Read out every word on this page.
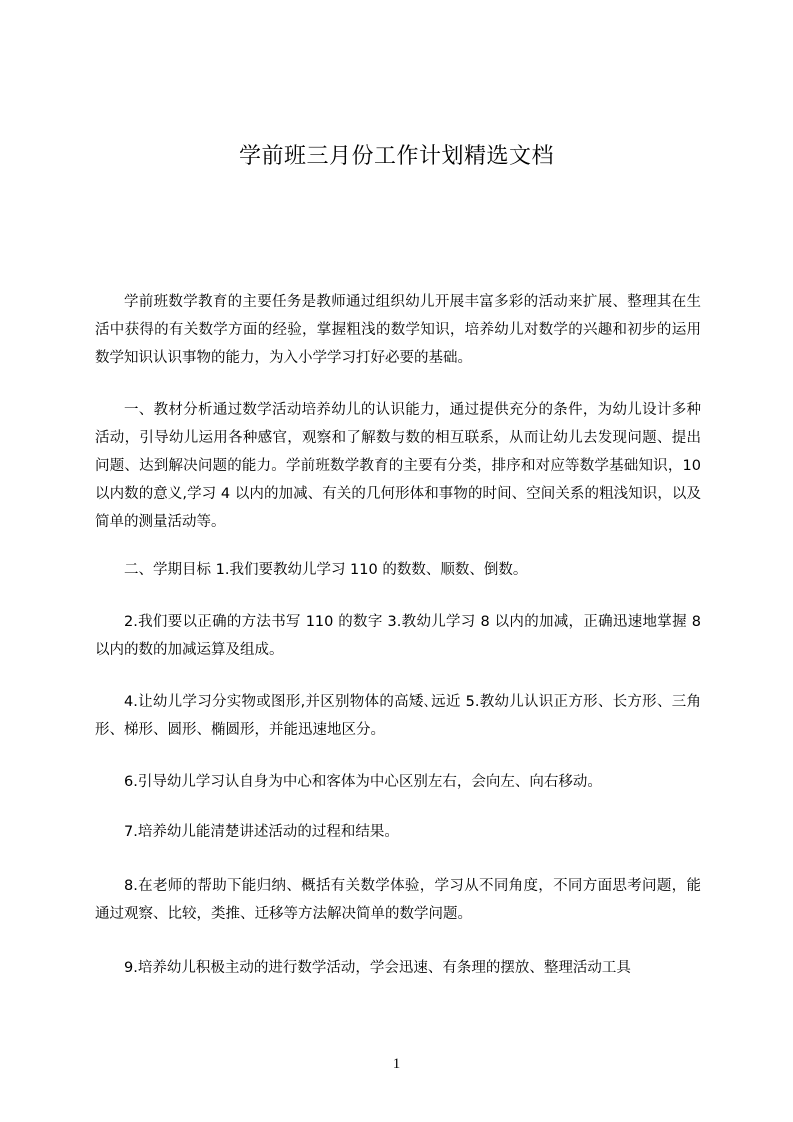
学前班三月份工作计划精选文档

学前班数学教育的主要任务是教师通过组织幼儿开展丰富多彩的活动来扩展、整理其在生活中获得的有关数学方面的经验，掌握粗浅的数学知识，培养幼儿对数学的兴趣和初步的运用数学知识认识事物的能力，为入小学学习打好必要的基础。

一、教材分析通过数学活动培养幼儿的认识能力，通过提供充分的条件，为幼儿设计多种活动，引导幼儿运用各种感官，观察和了解数与数的相互联系，从而让幼儿去发现问题、提出问题、达到解决问题的能力。学前班数学教育的主要有分类，排序和对应等数学基础知识，10 以内数的意义,学习 4 以内的加减、有关的几何形体和事物的时间、空间关系的粗浅知识，以及简单的测量活动等。

二、学期目标 1.我们要教幼儿学习 110 的数数、顺数、倒数。

2.我们要以正确的方法书写 110 的数字 3.教幼儿学习 8 以内的加减，正确迅速地掌握 8 以内的数的加减运算及组成。

4.让幼儿学习分实物或图形,并区别物体的高矮､远近 5.教幼儿认识正方形、长方形、三角形、梯形、圆形、椭圆形，并能迅速地区分。

6.引导幼儿学习认自身为中心和客体为中心区别左右，会向左、向右移动。

7.培养幼儿能清楚讲述活动的过程和结果。

8.在老师的帮助下能归纳、概括有关数学体验，学习从不同角度，不同方面思考问题，能通过观察、比较，类推、迁移等方法解决简单的数学问题。

9.培养幼儿积极主动的进行数学活动，学会迅速、有条理的摆放、整理活动工具

1
